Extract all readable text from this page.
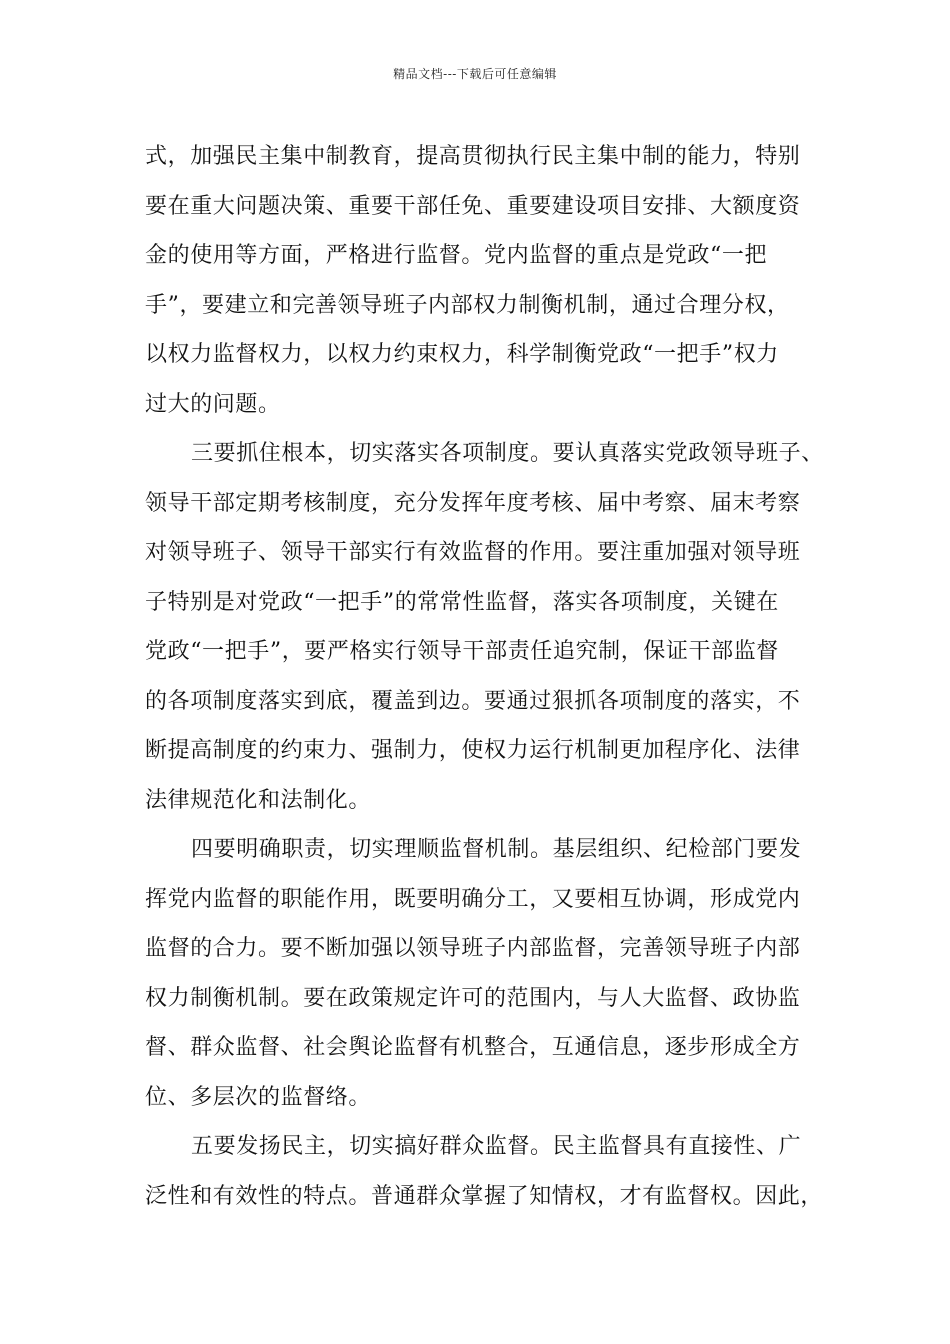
精品文档---下载后可任意编辑
式，加强民主集中制教育，提高贯彻执行民主集中制的能力，特别
要在重大问题决策、重要干部任免、重要建设项目安排、大额度资
金的使用等方面，严格进行监督。党内监督的重点是党政“一把
手”，要建立和完善领导班子内部权力制衡机制，通过合理分权，
以权力监督权力，以权力约束权力，科学制衡党政“一把手”权力
过大的问题。
三要抓住根本，切实落实各项制度。要认真落实党政领导班子、
领导干部定期考核制度，充分发挥年度考核、届中考察、届末考察
对领导班子、领导干部实行有效监督的作用。要注重加强对领导班
子特别是对党政“一把手”的常常性监督，落实各项制度，关键在
党政“一把手”，要严格实行领导干部责任追究制，保证干部监督
的各项制度落实到底，覆盖到边。要通过狠抓各项制度的落实，不
断提高制度的约束力、强制力，使权力运行机制更加程序化、法律
法律规范化和法制化。
四要明确职责，切实理顺监督机制。基层组织、纪检部门要发
挥党内监督的职能作用，既要明确分工，又要相互协调，形成党内
监督的合力。要不断加强以领导班子内部监督，完善领导班子内部
权力制衡机制。要在政策规定许可的范围内，与人大监督、政协监
督、群众监督、社会舆论监督有机整合，互通信息，逐步形成全方
位、多层次的监督络。
五要发扬民主，切实搞好群众监督。民主监督具有直接性、广
泛性和有效性的特点。普通群众掌握了知情权，才有监督权。因此，
